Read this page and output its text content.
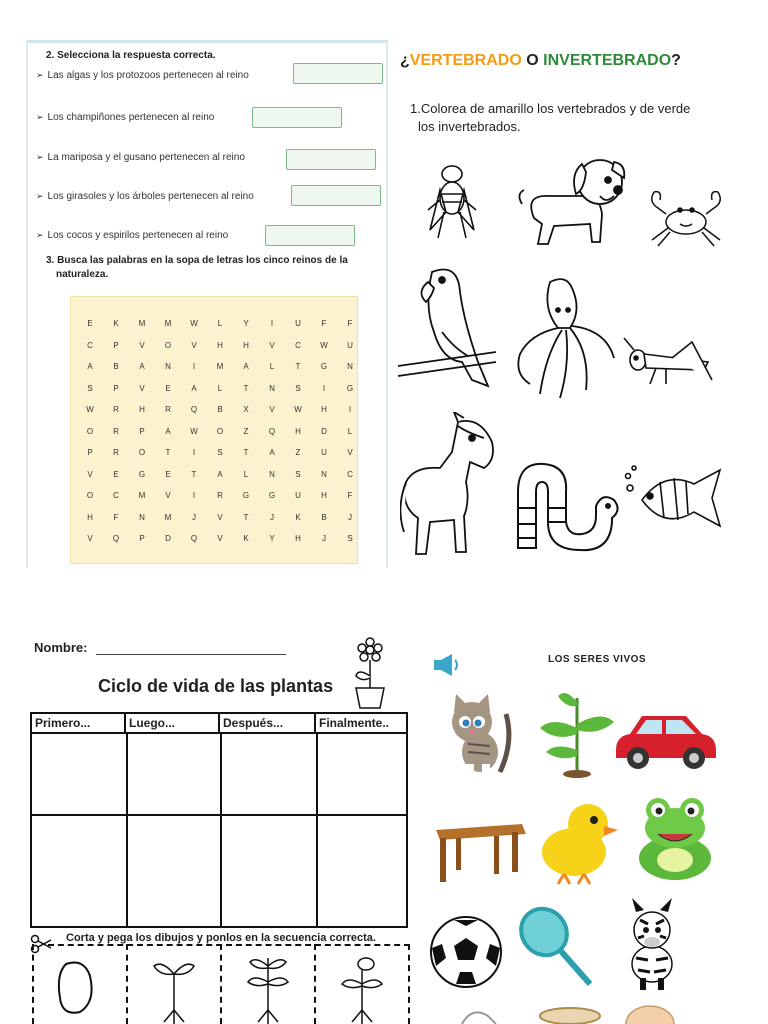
2. Selecciona la respuesta correcta.
➢ Las algas y los protozoos pertenecen al reino
➢ Los champiñones pertenecen al reino
➢ La mariposa y el gusano pertenecen al reino
➢ Los girasoles y los árboles pertenecen al reino
➢ Los cocos y espirilos pertenecen al reino
3. Busca las palabras en la sopa de letras los cinco reinos de la
naturaleza.
E	K	M	M	W	L	Y	I	U	F	F
C	P	V	O	V	H	H	V	C	W	U
A	B	A	N	I	M	A	L	T	G	N
S	P	V	E	A	L	T	N	S	I	G
W	R	H	R	Q	B	X	V	W	H	I
O	R	P	A	W	O	Z	Q	H	D	L
P	R	O	T	I	S	T	A	Z	U	V
V	E	G	E	T	A	L	N	S	N	C
O	C	M	V	I	R	G	G	U	H	F
H	F	N	M	J	V	T	J	K	B	J
V	Q	P	D	Q	V	K	Y	H	J	S
¿VERTEBRADO O INVERTEBRADO?
1.Colorea de amarillo los vertebrados y de verde
los invertebrados.
Nombre:
Ciclo de vida de las plantas
Primero...	Luego...	Después...	Finalmente..
Corta y pega los dibujos y ponlos en la secuencia correcta.
LOS SERES VIVOS
